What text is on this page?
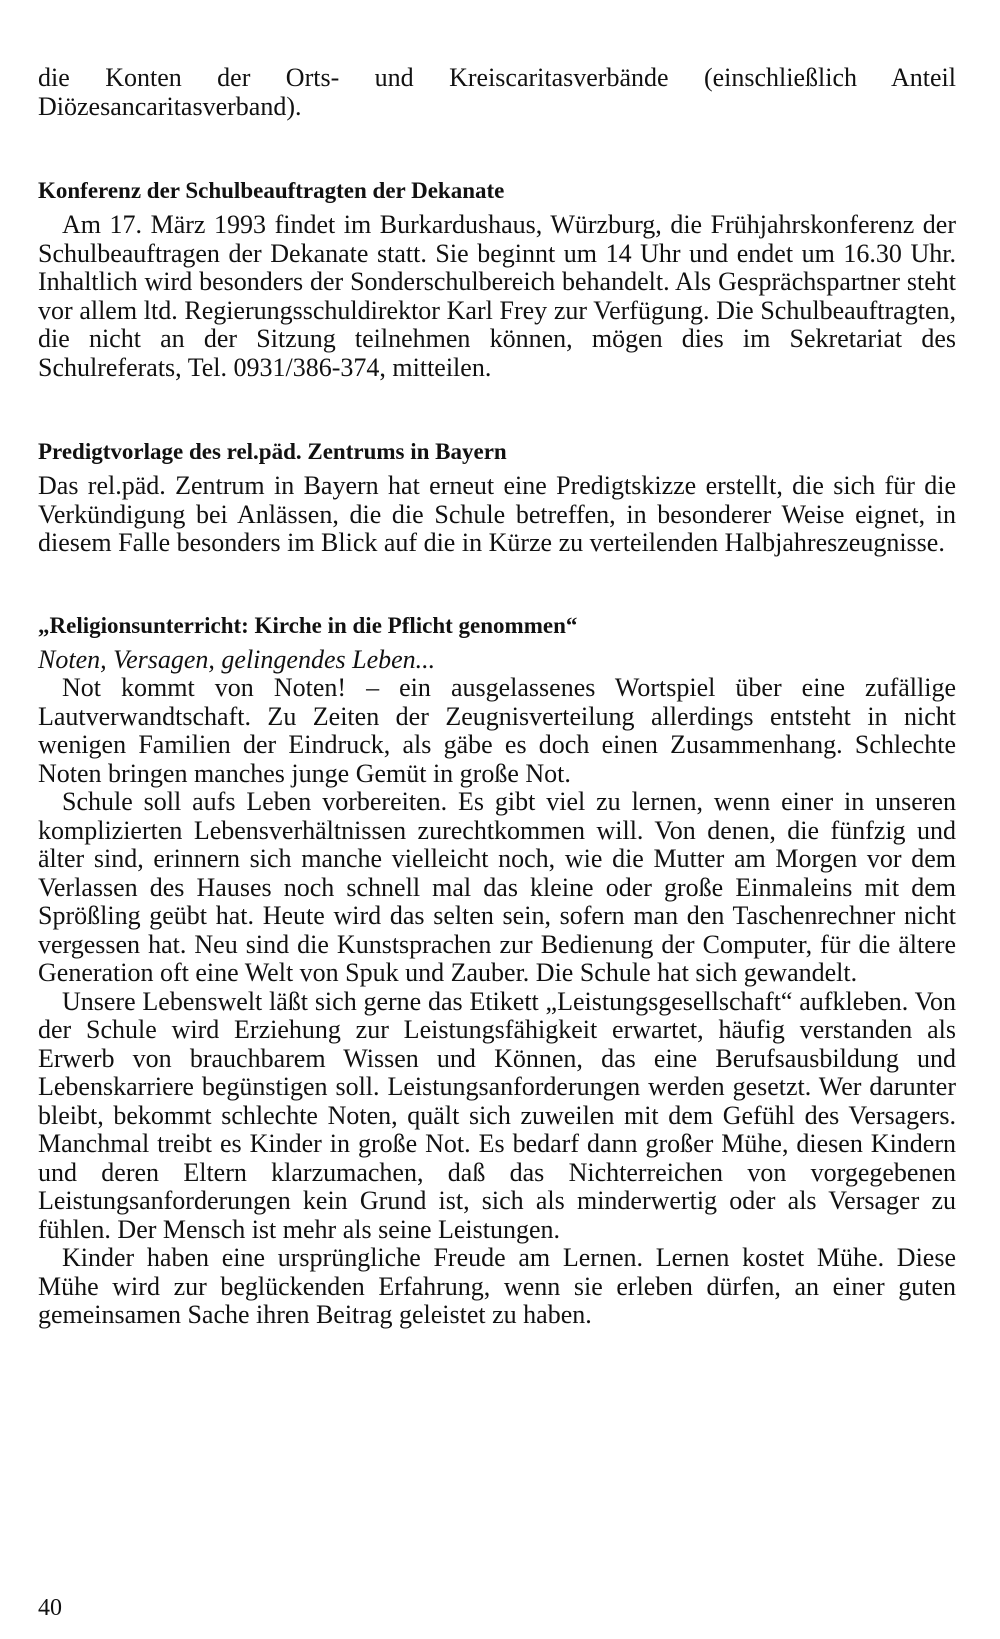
die Konten der Orts- und Kreiscaritasverbände (einschließlich Anteil Diözesancaritasverband).

Konferenz der Schulbeauftragten der Dekanate

Am 17. März 1993 findet im Burkardushaus, Würzburg, die Frühjahrskonferenz der Schulbeauftragen der Dekanate statt. Sie beginnt um 14 Uhr und endet um 16.30 Uhr. Inhaltlich wird besonders der Sonderschulbereich behandelt. Als Gesprächspartner steht vor allem ltd. Regierungsschuldirektor Karl Frey zur Verfügung. Die Schulbeauftragten, die nicht an der Sitzung teilnehmen können, mögen dies im Sekretariat des Schulreferats, Tel. 0931/386-374, mitteilen.

Predigtvorlage des rel.päd. Zentrums in Bayern

Das rel.päd. Zentrum in Bayern hat erneut eine Predigtskizze erstellt, die sich für die Verkündigung bei Anlässen, die die Schule betreffen, in besonderer Weise eignet, in diesem Falle besonders im Blick auf die in Kürze zu verteilenden Halbjahreszeugnisse.

„Religionsunterricht: Kirche in die Pflicht genommen“
Noten, Versagen, gelingendes Leben...

Not kommt von Noten! – ein ausgelassenes Wortspiel über eine zufällige Lautverwandtschaft. Zu Zeiten der Zeugnisverteilung allerdings entsteht in nicht wenigen Familien der Eindruck, als gäbe es doch einen Zusammenhang. Schlechte Noten bringen manches junge Gemüt in große Not.

Schule soll aufs Leben vorbereiten. Es gibt viel zu lernen, wenn einer in unseren komplizierten Lebensverhältnissen zurechtkommen will. Von denen, die fünfzig und älter sind, erinnern sich manche vielleicht noch, wie die Mutter am Morgen vor dem Verlassen des Hauses noch schnell mal das kleine oder große Einmaleins mit dem Sprößling geübt hat. Heute wird das selten sein, sofern man den Taschenrechner nicht vergessen hat. Neu sind die Kunstsprachen zur Bedienung der Computer, für die ältere Generation oft eine Welt von Spuk und Zauber. Die Schule hat sich gewandelt.

Unsere Lebenswelt läßt sich gerne das Etikett „Leistungsgesellschaft“ aufkleben. Von der Schule wird Erziehung zur Leistungsfähigkeit erwartet, häufig verstanden als Erwerb von brauchbarem Wissen und Können, das eine Berufsausbildung und Lebenskarriere begünstigen soll. Leistungsanforderungen werden gesetzt. Wer darunter bleibt, bekommt schlechte Noten, quält sich zuweilen mit dem Gefühl des Versagers. Manchmal treibt es Kinder in große Not. Es bedarf dann großer Mühe, diesen Kindern und deren Eltern klarzumachen, daß das Nichterreichen von vorgegebenen Leistungsanforderungen kein Grund ist, sich als minderwertig oder als Versager zu fühlen. Der Mensch ist mehr als seine Leistungen.

Kinder haben eine ursprüngliche Freude am Lernen. Lernen kostet Mühe. Diese Mühe wird zur beglückenden Erfahrung, wenn sie erleben dürfen, an einer guten gemeinsamen Sache ihren Beitrag geleistet zu haben.

40
